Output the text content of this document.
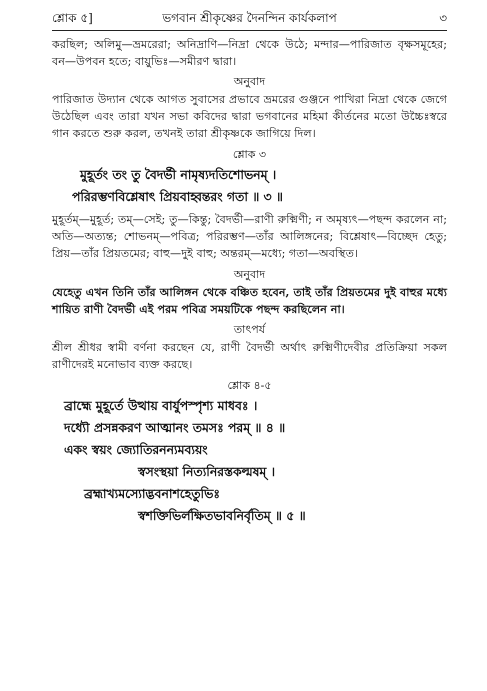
শ্লোক ৫]	ভগবান শ্রীকৃষ্ণের দৈনন্দিন কার্যকলাপ	৩

করছিল; অলিমু—ভ্রমরেরা; অনিদ্রাণি—নিদ্রা থেকে উঠে; মন্দার—পারিজাত বৃক্ষসমূহের; বন—উপবন হতে; বায়ুভিঃ—সমীরণ দ্বারা।

অনুবাদ

পারিজাত উদ্যান থেকে আগত সুবাসের প্রভাবে ভ্রমরের গুঞ্জনে পাখিরা নিদ্রা থেকে জেগে উঠেছিল এবং তারা যখন সভা কবিদের দ্বারা ভগবানের মহিমা কীর্তনের মতো উচ্চৈঃস্বরে গান করতে শুরু করল, তখনই তারা শ্রীকৃষ্ণকে জাগিয়ে দিল।

শ্লোক ৩
মুহূর্তং তং তু বৈদর্ভী নামৃষ্যদতিশোভনম্ ।
পরিরম্ভণবিশ্লেষাৎ প্রিয়বাহ্বন্তরং গতা ॥ ৩ ॥

মুহূর্তম্—মুহূর্ত; তম্—সেই; তু—কিন্তু; বৈদর্ভী—রাণী রুক্মিণী; ন অমৃষ্যৎ—পছন্দ করলেন না; অতি—অত্যন্ত; শোভনম্—পবিত্র; পরিরম্ভণ—তাঁর আলিঙ্গনের; বিশ্লেষাৎ—বিচ্ছেদ হেতু; প্রিয়—তাঁর প্রিয়তমের; বাহু—দুই বাহু; অন্তরম্—মধ্যে; গতা—অবস্থিত।

অনুবাদ

যেহেতু এখন তিনি তাঁর আলিঙ্গন থেকে বঞ্চিত হবেন, তাই তাঁর প্রিয়তমের দুই বাহুর মধ্যে শায়িত রাণী বৈদর্ভী এই পরম পবিত্র সময়টিকে পছন্দ করছিলেন না।

তাৎপর্য

শ্রীল শ্রীধর স্বামী বর্ণনা করছেন যে, রাণী বৈদর্ভী অর্থাৎ রুক্মিণীদেবীর প্রতিক্রিয়া সকল রাণীদেরই মনোভাব ব্যক্ত করছে।

শ্লোক ৪-৫
ব্রাহ্মে মুহূর্তে উত্থায় বার্যুপস্পৃশ্য মাধবঃ ।
দধ্যৌ প্রসন্নকরণ আত্মানং তমসঃ পরম্ ॥ ৪ ॥
একং স্বয়ং জ্যোতিরনন্যমব্যয়ং
স্বসংস্থয়া নিত্যনিরস্তকল্মষম্ ।
ব্রহ্মাখ্যমস্যোদ্ভবনাশহেতুভিঃ
স্বশক্তিভির্লক্ষিতভাবনির্বৃতিম্ ॥ ৫ ॥
